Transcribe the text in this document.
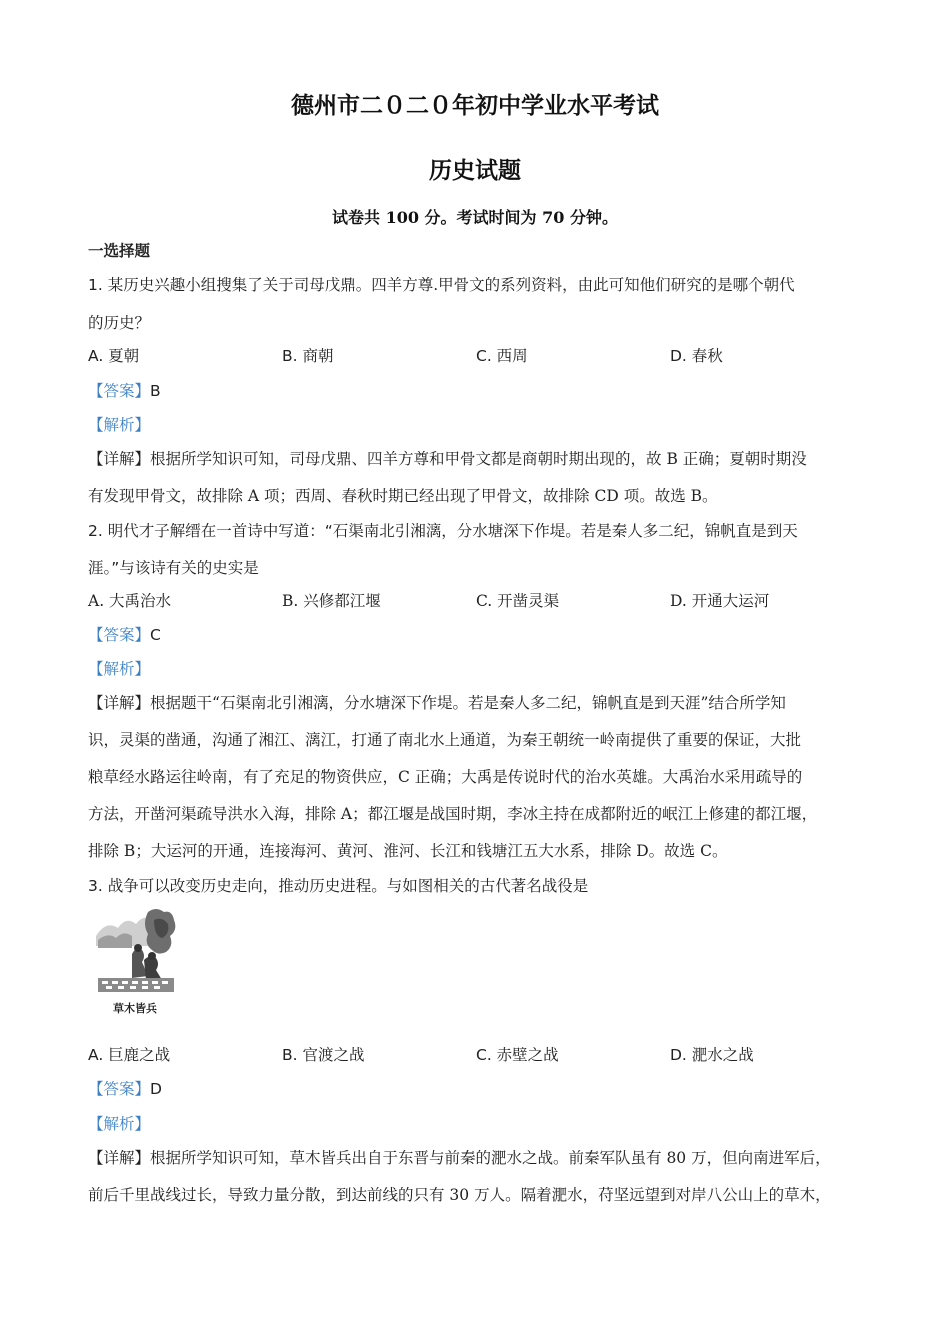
德州市二０二０年初中学业水平考试
历史试题
试卷共 100 分。考试时间为 70 分钟。
一选择题
1. 某历史兴趣小组搜集了关于司母戊鼎。四羊方尊.甲骨文的系列资料，由此可知他们研究的是哪个朝代
的历史？
A. 夏朝	B. 商朝	C. 西周	D. 春秋
【答案】B
【解析】
【详解】根据所学知识可知，司母戊鼎、四羊方尊和甲骨文都是商朝时期出现的，故 B 正确；夏朝时期没
有发现甲骨文，故排除 A 项；西周、春秋时期已经出现了甲骨文，故排除 CD 项。故选 B。
2. 明代才子解缙在一首诗中写道：“石渠南北引湘漓，分水塘深下作堤。若是秦人多二纪，锦帆直是到天
涯。”与该诗有关的史实是
A. 大禹治水	B. 兴修都江堰	C. 开凿灵渠	D. 开通大运河
【答案】C
【解析】
【详解】根据题干“石渠南北引湘漓，分水塘深下作堤。若是秦人多二纪，锦帆直是到天涯”结合所学知
识，灵渠的凿通，沟通了湘江、漓江，打通了南北水上通道，为秦王朝统一岭南提供了重要的保证，大批
粮草经水路运往岭南，有了充足的物资供应，C 正确；大禹是传说时代的治水英雄。大禹治水采用疏导的
方法，开凿河渠疏导洪水入海，排除 A；都江堰是战国时期，李冰主持在成都附近的岷江上修建的都江堰，
排除 B；大运河的开通，连接海河、黄河、淮河、长江和钱塘江五大水系，排除 D。故选 C。
3. 战争可以改变历史走向，推动历史进程。与如图相关的古代著名战役是
草木皆兵
A. 巨鹿之战	B. 官渡之战	C. 赤壁之战	D. 淝水之战
【答案】D
【解析】
【详解】根据所学知识可知，草木皆兵出自于东晋与前秦的淝水之战。前秦军队虽有 80 万，但向南进军后，
前后千里战线过长，导致力量分散，到达前线的只有 30 万人。隔着淝水，苻坚远望到对岸八公山上的草木，
